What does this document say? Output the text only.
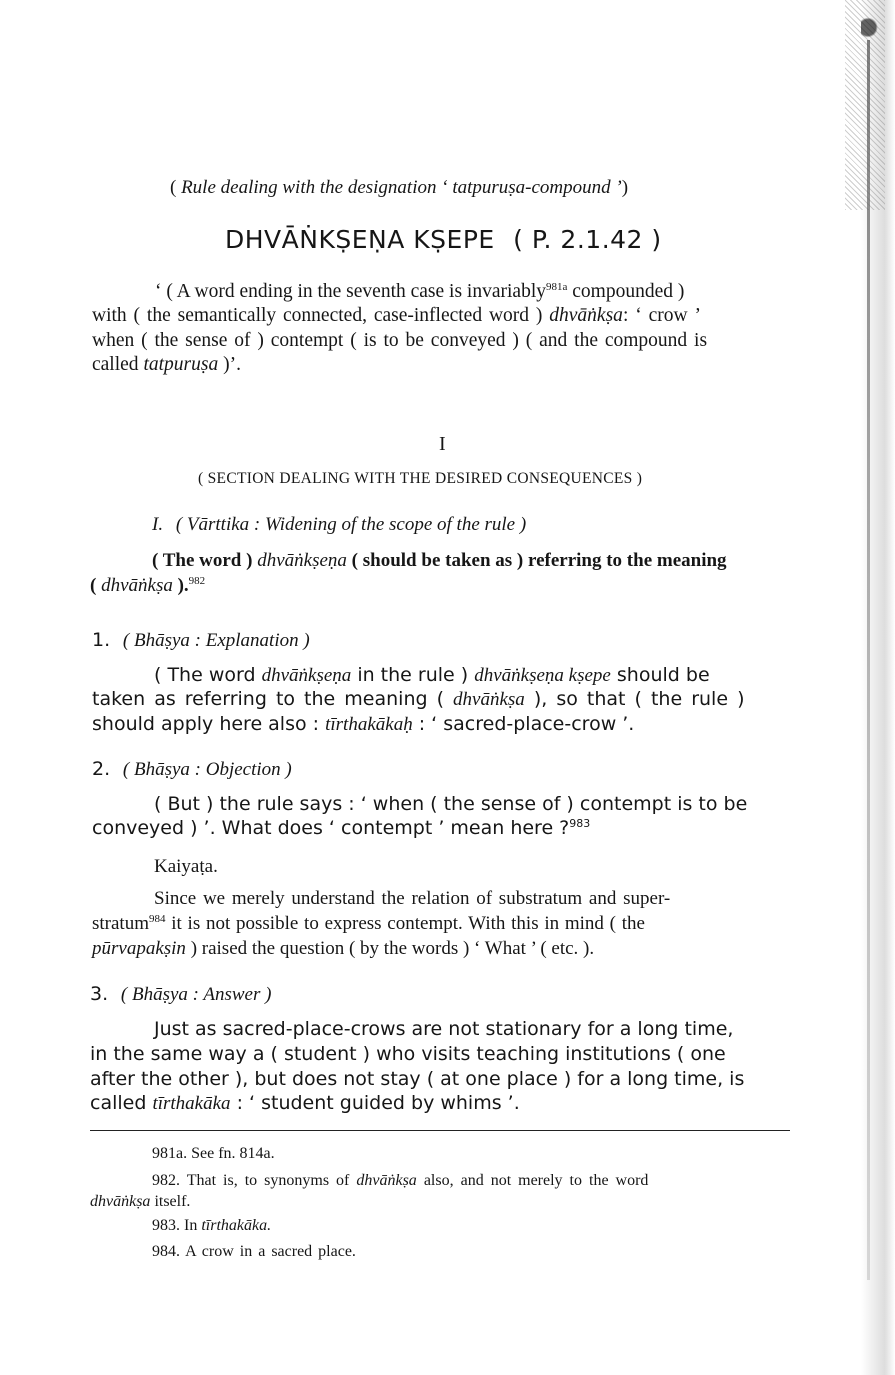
( Rule dealing with the designation ‘ tatpuruṣa-compound ’)

DHVĀṄKṢEṆA KṢEPE ( P. 2.1.42 )

‘ ( A word ending in the seventh case is invariably$^{981a}$ compounded )

with ( the semantically connected, case-inflected word ) dhvāṅkṣa: ‘ crow ’

when ( the sense of ) contempt ( is to be conveyed ) ( and the compound is

called tatpuruṣa )’.

I

( SECTION DEALING WITH THE DESIRED CONSEQUENCES )

I. ( Vārttika : Widening of the scope of the rule )

( The word ) dhvāṅkṣeṇa ( should be taken as ) referring to the meaning

( dhvāṅkṣa ).$^{982}$

1. ( Bhāṣya : Explanation )

( The word dhvāṅkṣeṇa in the rule ) dhvāṅkṣeṇa kṣepe should be

taken as referring to the meaning ( dhvāṅkṣa ), so that ( the rule )

should apply here also : tīrthakākaḥ : ‘ sacred-place-crow ’.

2. ( Bhāṣya : Objection )

( But ) the rule says : ‘ when ( the sense of ) contempt is to be

conveyed ) ’. What does ‘ contempt ’ mean here ?$^{983}$

Kaiyaṭa.

Since we merely understand the relation of substratum and super-

stratum$^{984}$ it is not possible to express contempt. With this in mind ( the

pūrvapakṣin ) raised the question ( by the words ) ‘ What ’ ( etc. ).

3. ( Bhāṣya : Answer )

Just as sacred-place-crows are not stationary for a long time,

in the same way a ( student ) who visits teaching institutions ( one

after the other ), but does not stay ( at one place ) for a long time, is

called tīrthakāka : ‘ student guided by whims ’.

981a. See fn. 814a.

982. That is, to synonyms of dhvāṅkṣa also, and not merely to the word

dhvāṅkṣa itself.

983. In tīrthakāka.

984. A crow in a sacred place.
